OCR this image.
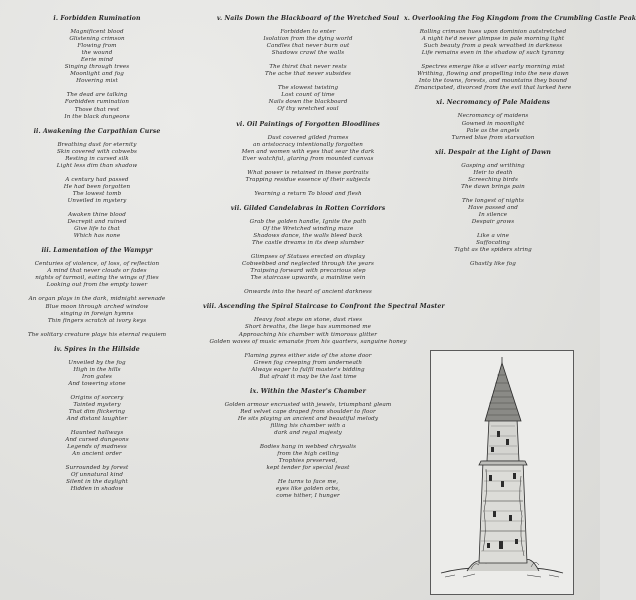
i. Forbidden Rumination
Magnificent blood
Glistening crimson
Flowing from
the wound
Eerie mind
Singing through trees
Moonlight and fog
Hovering mist
The dead are talking
Forbidden rumination
Those that rest
In the black dungeons
ii. Awakening the Carpathian Curse
Breathing dust for eternity
Skin covered with cobwebs
Resting in cursed silk
Light less dim than shadow
A century had passed
He had been forgotten
The lowest tomb
Unveiled in mystery
Awaken thine blood
Decrepit and ruined
Give life to that
Which has none
iii. Lamentation of the Wampyr
Centuries of violence, of loss, of reflection
A mind that never clouds or fades
nights of turmoil, eating the wings of flies
Looking out from the empty tower
An organ plays in the dark, midnight serenade
Blue moon through arched window
singing in foreign hymns
Thin fingers scratch at ivory keys
The solitary creature plays his eternal requiem
iv. Spires in the Hillside
Unveiled by the fog
High in the hills
Iron gates
And towering stone
Origins of sorcery
Tainted mystery
That dim flickering
And distant laughter
Haunted hallways
And cursed dungeons
Legends of madness
An ancient order
Surrounded by forest
Of unnatural kind
Silent in the daylight
Hidden in shadow
v. Nails Down the Blackboard of the Wretched Soul
Forbidden to enter
Isolation from the dying world
Candles that never burn out
Shadows crawl the walls
The thirst that never rests
The ache that never subsides
The slowest twisting
Lost count of time
Nails down the blackboard
Of thy wretched soul
vi. Oil Paintings of Forgotten Bloodlines
Dust covered gilded frames
an aristocracy intentionally forgotten
Men and women with eyes that sear the dark
Ever watchful, glaring from mounted canvas
What power is retained in these portraits
Trapping residue essence of their subjects
Yearning a return To blood and flesh
vii. Gilded Candelabras in Rotten Corridors
Grab the golden handle, Ignite the path
Of the Wretched winding maze
Shadows dance, the walls bleed back
The castle dreams in its deep slumber
Glimpses of Statues erected on display
Cobwebbed and neglected through the years
Traipsing forward with precarious step
The staircase upwards, a mainline vein
Onwards into the heart of ancient darkness
viii. Ascending the Spiral Staircase to Confront the Spectral Master
Heavy foot steps on stone, dust rises
Short breaths, the liege has summoned me
Approaching his chamber with timorous glitter
Golden waves of music emanate from his quarters, sanguine honey
Flaming pyres either side of the stone door
Green fog creeping from underneath
Always eager to fulfil master's bidding
But afraid it may be the last time
ix. Within the Master's Chamber
Golden armour encrusted with jewels, triumphant gleam
Red velvet cape draped from shoulder to floor
He sits playing an ancient and beautiful melody
filling his chamber with a
dark and regal majesty
Bodies hang in webbed chrysalis
from the high ceiling
Trophies preserved,
kept tender for special feast
He turns to face me,
eyes like golden orbs,
come hither, I hunger
x. Overlooking the Fog Kingdom from the Crumbling Castle Peak
Rolling crimson hues upon dominion autstretched
A night he'd never glimpse in pale morning light
Such beauty from a peak wreathed in darkness
Life remains even in the shadow of such tyranny
Spectres emerge like a silver early morning mist
Writhing, flowing and propelling into the new dawn
Into the towns, forests, and mountains they bound
Emancipated, divorced from the evil that lurked here
xi. Necromancy of Pale Maidens
Necromancy of maidens
Gowned in moonlight
Pale as the angels
Turned blue from starvation
xii. Despair at the Light of Dawn
Gasping and writhing
Heir to death
Screeching birds
The dawn brings pain
The longest of nights
Have passed and
In silence
Despair grows
Like a vine
Suffocating
Tight as the spiders string
Ghastly like fog
